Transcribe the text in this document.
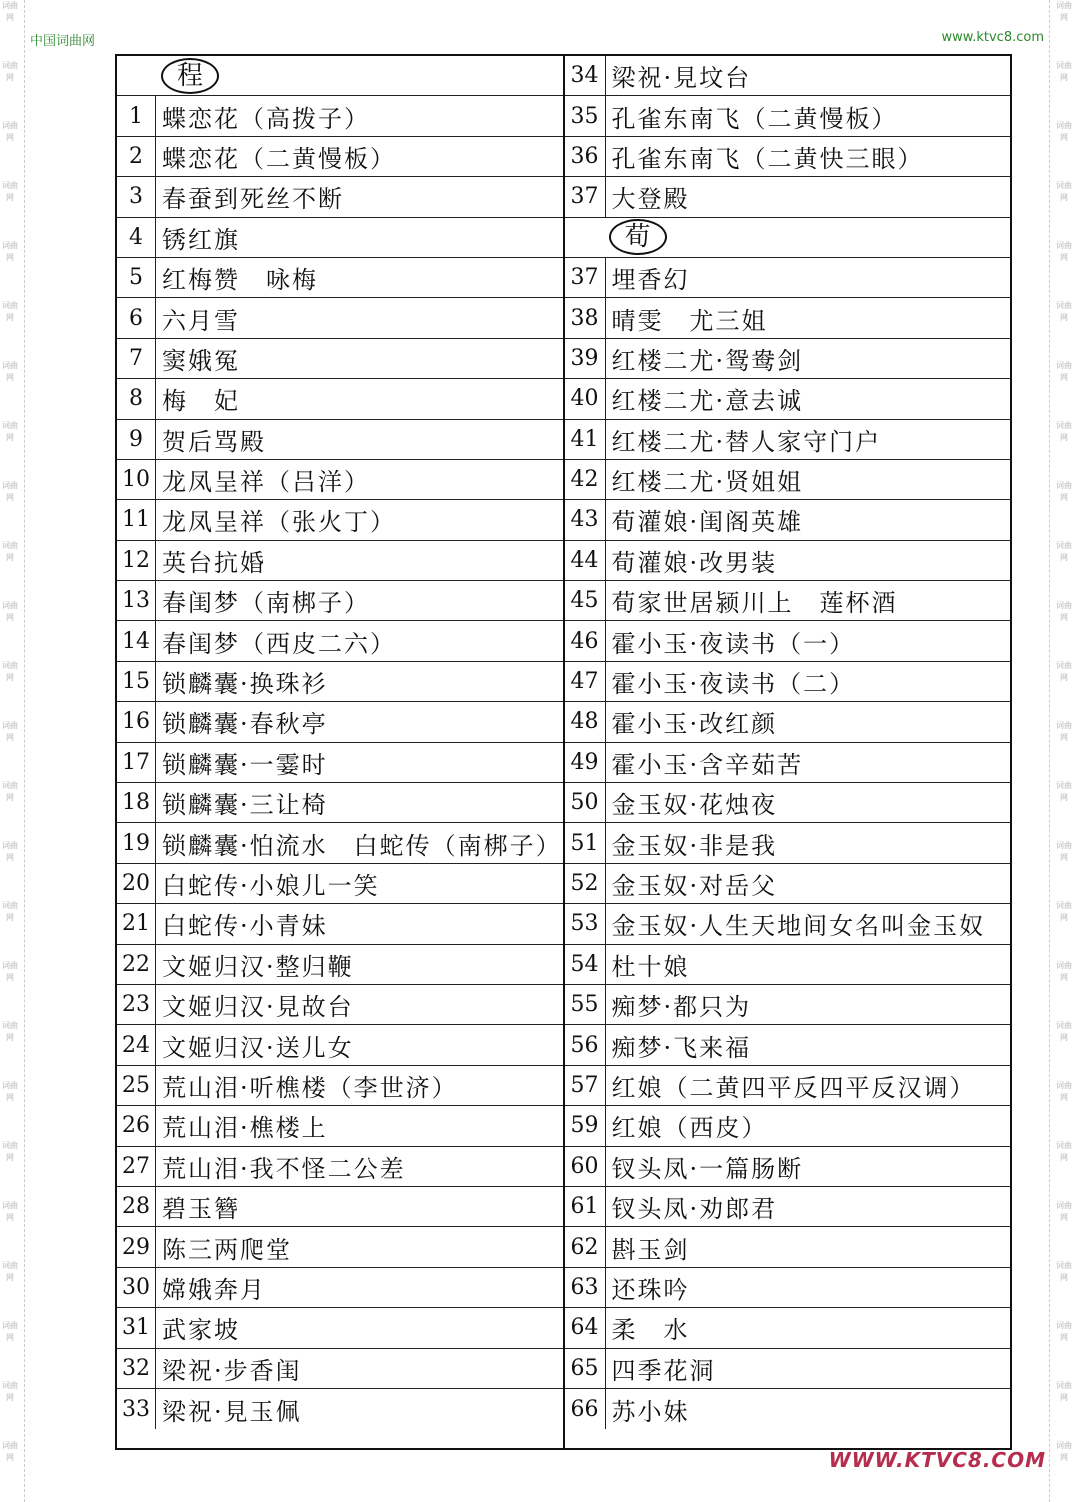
词曲网
词曲网
词曲网
词曲网
词曲网
词曲网
词曲网
词曲网
词曲网
词曲网
词曲网
词曲网
词曲网
词曲网
词曲网
词曲网
词曲网
词曲网
词曲网
词曲网
词曲网
词曲网
词曲网
词曲网
词曲网
词曲网
词曲网
词曲网
词曲网
词曲网
词曲网
词曲网
词曲网
词曲网
词曲网
词曲网
词曲网
词曲网
词曲网
词曲网
词曲网
词曲网
词曲网
词曲网
词曲网
词曲网
词曲网
词曲网
词曲网
词曲网
中国词曲网	www.ktvc8.com
WWW.KTVC8.COM
程
1 蝶恋花（高拨子）
2 蝶恋花（二黄慢板）
3 春蚕到死丝不断
4 锈红旗
5 红梅赞　咏梅
6 六月雪
7 窦娥冤
8 梅　妃
9 贺后骂殿
10 龙凤呈祥（吕洋）
11 龙凤呈祥（张火丁）
12 英台抗婚
13 春闺梦（南梆子）
14 春闺梦（西皮二六）
15 锁麟囊·换珠衫
16 锁麟囊·春秋亭
17 锁麟囊·一霎时
18 锁麟囊·三让椅
19 锁麟囊·怕流水　白蛇传（南梆子）
20 白蛇传·小娘儿一笑
21 白蛇传·小青妹
22 文姬归汉·整归鞭
23 文姬归汉·見故台
24 文姬归汉·送儿女
25 荒山泪·听樵楼（李世济）
26 荒山泪·樵楼上
27 荒山泪·我不怪二公差
28 碧玉簪
29 陈三两爬堂
30 嫦娥奔月
31 武家坡
32 梁祝·步香闺
33 梁祝·見玉佩
34 梁祝·見坟台
35 孔雀东南飞（二黄慢板）
36 孔雀东南飞（二黄快三眼）
37 大登殿
荀
37 埋香幻
38 晴雯　尤三姐
39 红楼二尤·鸳鸯剑
40 红楼二尤·意去诚
41 红楼二尤·替人家守门户
42 红楼二尤·贤姐姐
43 荀灌娘·闺阁英雄
44 荀灌娘·改男装
45 荀家世居颍川上　莲杯酒
46 霍小玉·夜读书（一）
47 霍小玉·夜读书（二）
48 霍小玉·改红颜
49 霍小玉·含辛茹苦
50 金玉奴·花烛夜
51 金玉奴·非是我
52 金玉奴·对岳父
53 金玉奴·人生天地间女名叫金玉奴
54 杜十娘
55 痴梦·都只为
56 痴梦·飞来福
57 红娘（二黄四平反四平反汉调）
59 红娘（西皮）
60 钗头凤·一篇肠断
61 钗头凤·劝郎君
62 斟玉剑
63 还珠吟
64 柔　水
65 四季花洞
66 苏小妹
